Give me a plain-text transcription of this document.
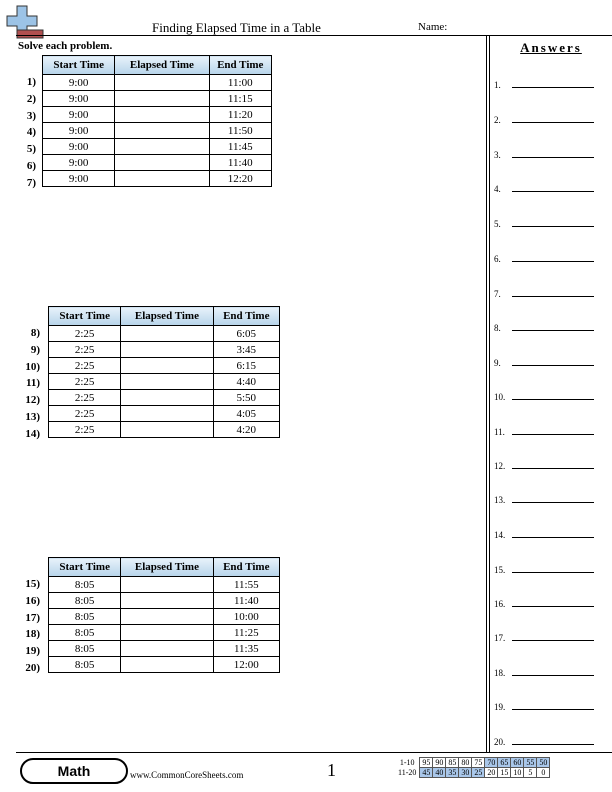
Finding Elapsed Time in a Table	Name:
Solve each problem.	Answers
Start Time	Elapsed Time	End Time
9:00		11:00
9:00		11:15
9:00		11:20
9:00		11:50
9:00		11:45
9:00		11:40
9:00		12:20
1)
2)
3)
4)
5)
6)
7)
Start Time	Elapsed Time	End Time
2:25		6:05
2:25		3:45
2:25		6:15
2:25		4:40
2:25		5:50
2:25		4:05
2:25		4:20
8)
9)
10)
11)
12)
13)
14)
Start Time	Elapsed Time	End Time
8:05		11:55
8:05		11:40
8:05		10:00
8:05		11:25
8:05		11:35
8:05		12:00
15)
16)
17)
18)
19)
20)
1.
2.
3.
4.
5.
6.
7.
8.
9.
10.
11.
12.
13.
14.
15.
16.
17.
18.
19.
20.
Math	www.CommonCoreSheets.com	1	1-10	95	90	85	80	75	70	65	60	55	50
11-20	45	40	35	30	25	20	15	10	5	0
